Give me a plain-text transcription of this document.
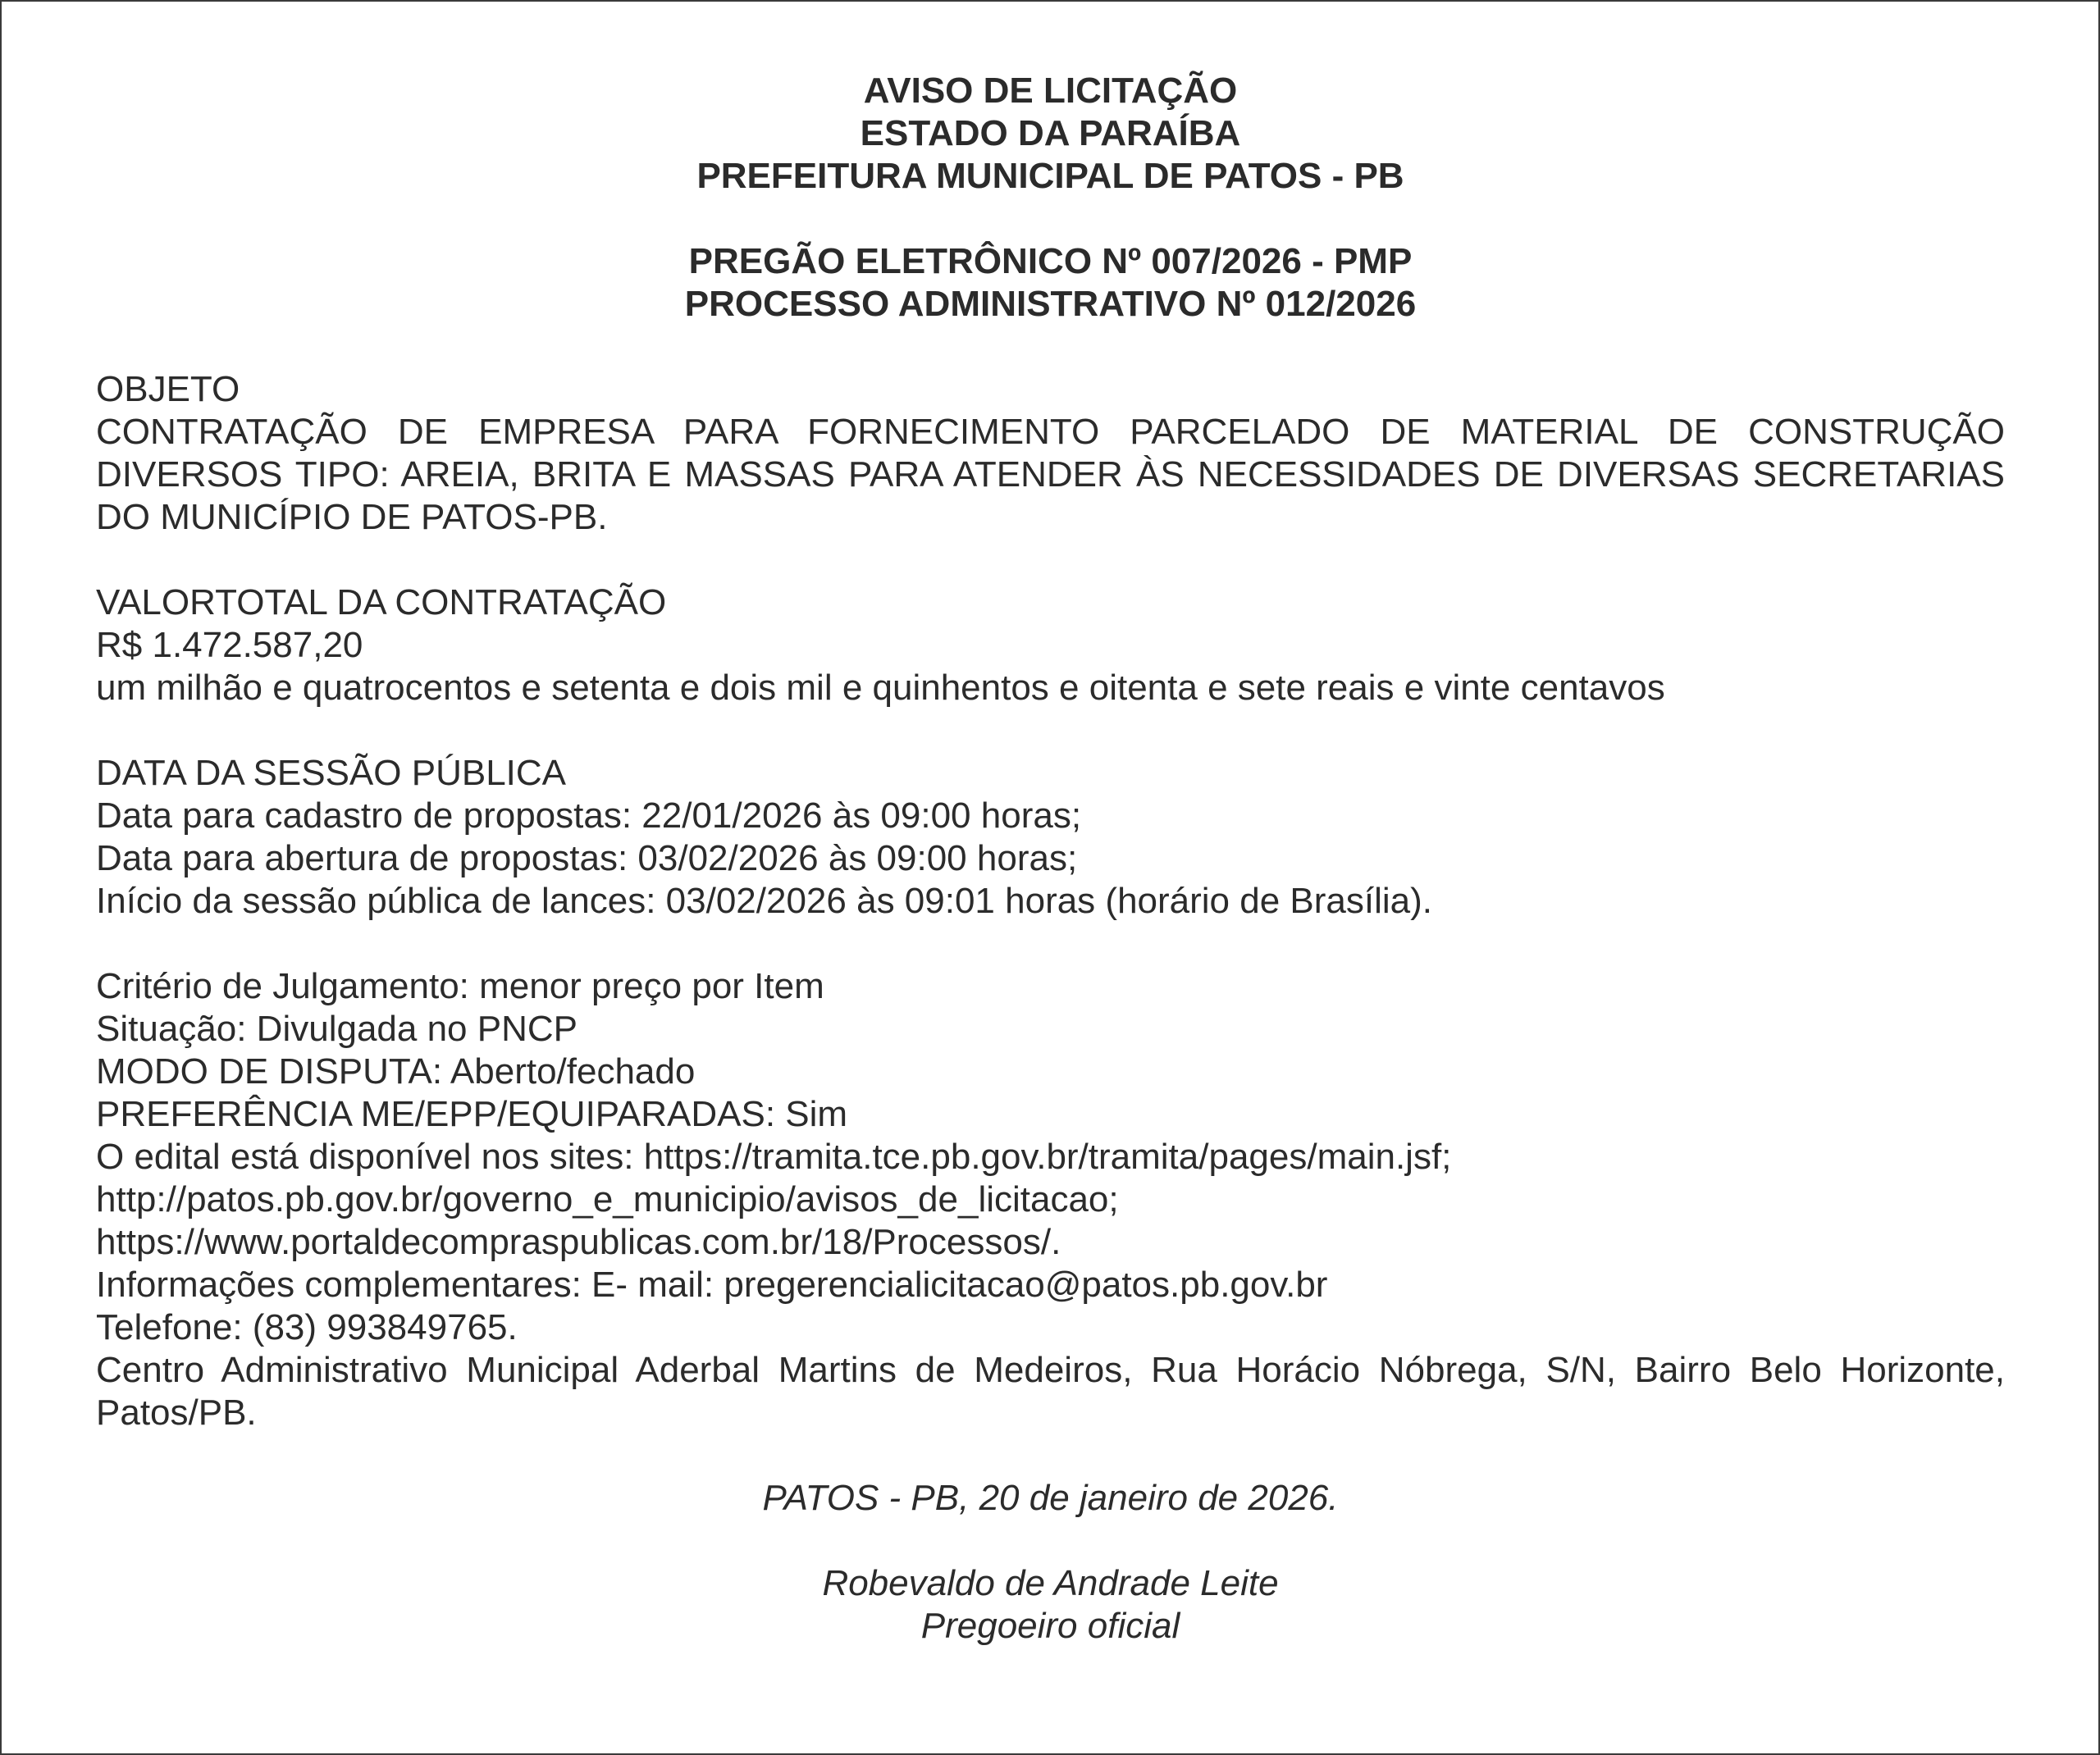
AVISO DE LICITAÇÃO
ESTADO DA PARAÍBA
PREFEITURA MUNICIPAL DE PATOS - PB
PREGÃO ELETRÔNICO Nº 007/2026 - PMP
PROCESSO ADMINISTRATIVO Nº 012/2026
OBJETO

CONTRATAÇÃO DE EMPRESA PARA FORNECIMENTO PARCELADO DE MATERIAL DE CONSTRUÇÃO DIVERSOS TIPO: AREIA, BRITA E MASSAS PARA ATENDER ÀS NECESSIDADES DE DIVERSAS SECRETARIAS DO MUNICÍPIO DE PATOS-PB.

VALORTOTAL DA CONTRATAÇÃO
R$ 1.472.587,20
um milhão e quatrocentos e setenta e dois mil e quinhentos e oitenta e sete reais e vinte centavos
DATA DA SESSÃO PÚBLICA
Data para cadastro de propostas: 22/01/2026 às 09:00 horas;
Data para abertura de propostas: 03/02/2026 às 09:00 horas;
Início da sessão pública de lances: 03/02/2026 às 09:01 horas (horário de Brasília).
Critério de Julgamento: menor preço por Item
Situação: Divulgada no PNCP
MODO DE DISPUTA: Aberto/fechado
PREFERÊNCIA ME/EPP/EQUIPARADAS: Sim
O edital está disponível nos sites: https://tramita.tce.pb.gov.br/tramita/pages/main.jsf;
http://patos.pb.gov.br/governo_e_municipio/avisos_de_licitacao;
https://www.portaldecompraspublicas.com.br/18/Processos/.
Informações complementares: E- mail: pregerencialicitacao@patos.pb.gov.br
Telefone: (83) 993849765.

Centro Administrativo Municipal Aderbal Martins de Medeiros, Rua Horácio Nóbrega, S/N, Bairro Belo Horizonte, Patos/PB.

PATOS - PB, 20 de janeiro de 2026.
Robevaldo de Andrade Leite
Pregoeiro oficial
